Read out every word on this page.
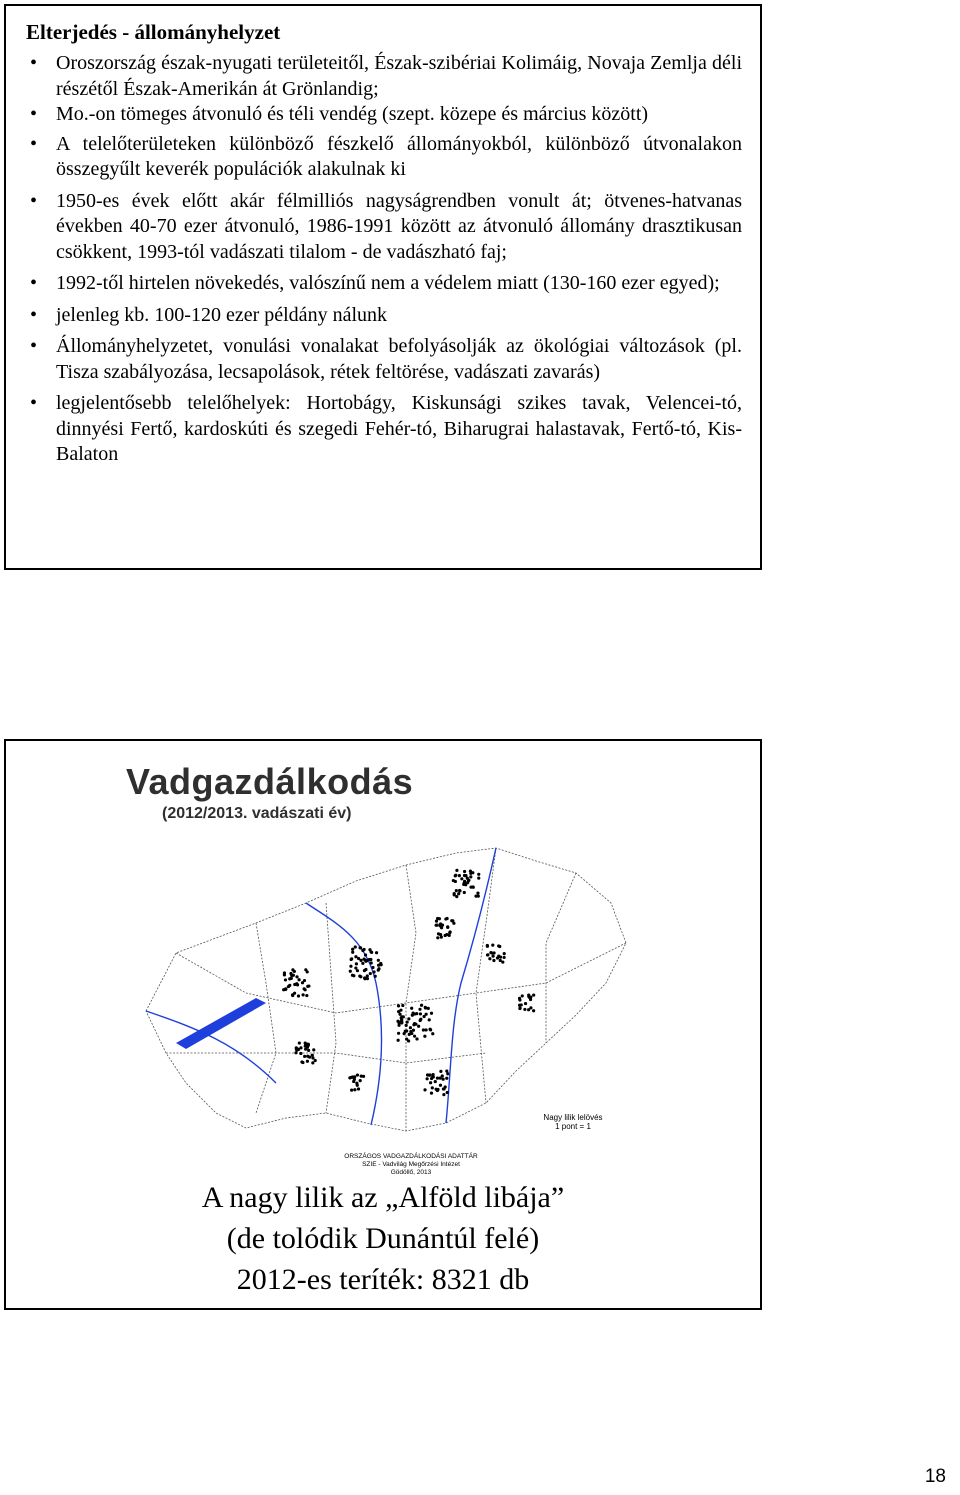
Elterjedés - állományhelyzet
• Oroszország észak-nyugati területeitől, Észak-szibériai Kolimáig, Novaja Zemlja déli részétől Észak-Amerikán át Grönlandig;
• Mo.-on tömeges átvonuló és téli vendég (szept. közepe és március között)
• A telelőterületeken különböző fészkelő állományokból, különböző útvonalakon összegyűlt keverék populációk alakulnak ki
• 1950-es évek előtt akár félmilliós nagyságrendben vonult át; ötvenes-hatvanas években 40-70 ezer átvonuló, 1986-1991 között az átvonuló állomány drasztikusan csökkent, 1993-tól vadászati tilalom - de vadászható faj;
• 1992-től hirtelen növekedés, valószínű nem a védelem miatt (130-160 ezer egyed);
• jelenleg kb. 100-120 ezer példány nálunk
• Állományhelyzetet, vonulási vonalakat befolyásolják az ökológiai változások (pl. Tisza szabályozása, lecsapolások, rétek feltörése, vadászati zavarás)
• legjelentősebb telelőhelyek: Hortobágy, Kiskunsági szikes tavak, Velencei-tó, dinnyési Fertő, kardoskúti és szegedi Fehér-tó, Biharugrai halastavak, Fertő-tó, Kis-Balaton
Vadgazdálkodás
(2012/2013. vadászati év)
Nagy lilik lelövés
1 pont = 1
ORSZÁGOS VADGAZDÁLKODÁSI ADATTÁR
SZIE - Vadvilág Megőrzési Intézet
Gödöllő, 2013
A nagy lilik az „Alföld libája”
(de tolódik Dunántúl felé)
2012-es teríték: 8321 db
18
